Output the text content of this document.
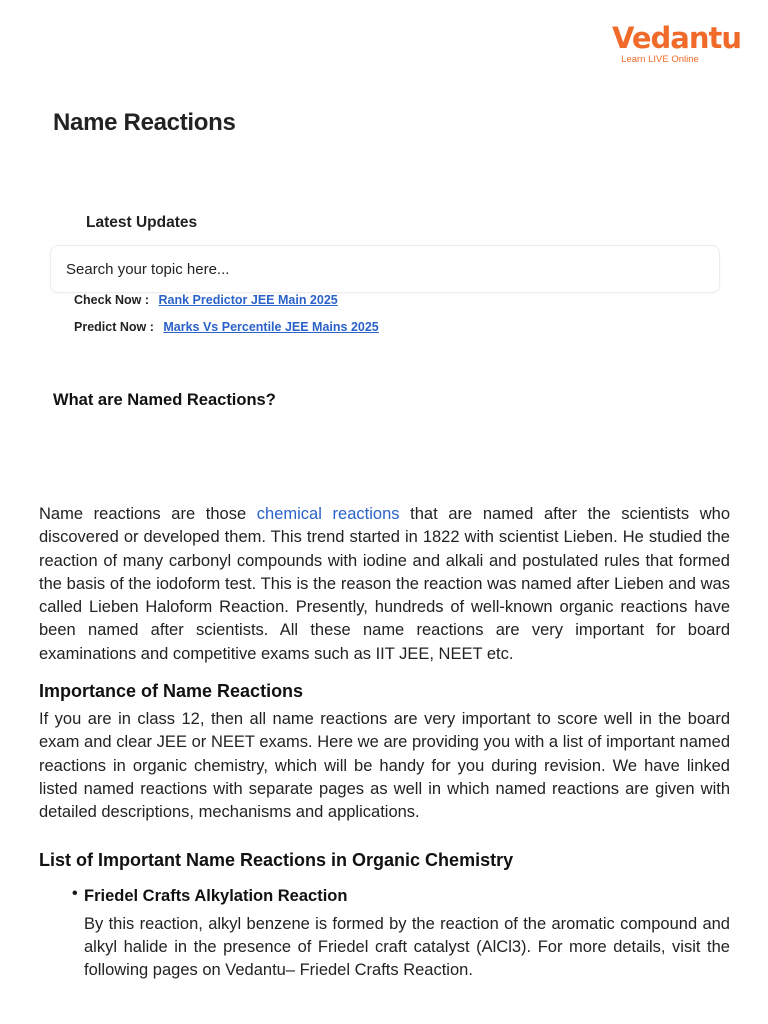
Vedantu
Learn LIVE Online
Name Reactions
Latest Updates
Search your topic here...
Check Now : Rank Predictor JEE Main 2025
Predict Now : Marks Vs Percentile JEE Mains 2025
What are Named Reactions?

Name reactions are those chemical reactions that are named after the scientists who discovered or developed them. This trend started in 1822 with scientist Lieben. He studied the reaction of many carbonyl compounds with iodine and alkali and postulated rules that formed the basis of the iodoform test. This is the reason the reaction was named after Lieben and was called Lieben Haloform Reaction. Presently, hundreds of well-known organic reactions have been named after scientists. All these name reactions are very important for board examinations and competitive exams such as IIT JEE, NEET etc.

Importance of Name Reactions

If you are in class 12, then all name reactions are very important to score well in the board exam and clear JEE or NEET exams. Here we are providing you with a list of important named reactions in organic chemistry, which will be handy for you during revision. We have linked listed named reactions with separate pages as well in which named reactions are given with detailed descriptions, mechanisms and applications.

List of Important Name Reactions in Organic Chemistry
• Friedel Crafts Alkylation Reaction

By this reaction, alkyl benzene is formed by the reaction of the aromatic compound and alkyl halide in the presence of Friedel craft catalyst (AlCl3). For more details, visit the following pages on Vedantu– Friedel Crafts Reaction.
